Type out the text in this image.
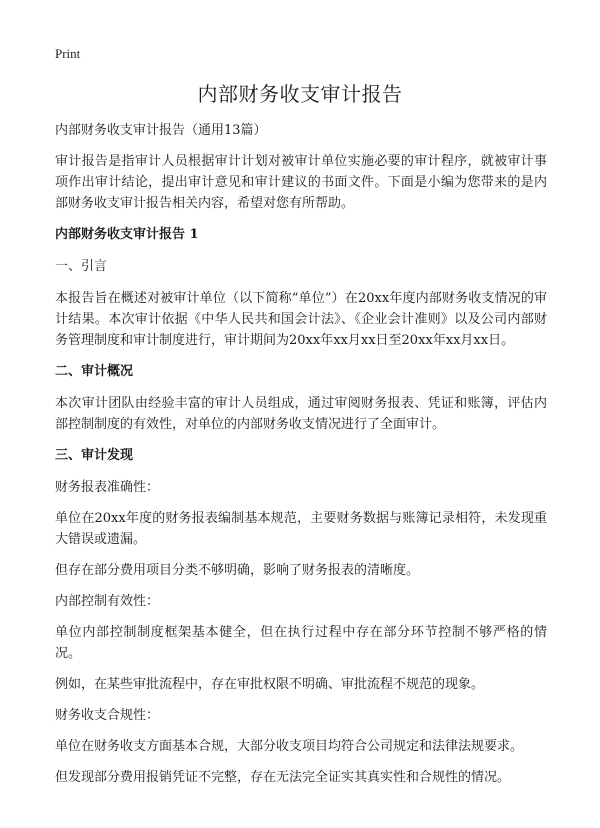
Print
内部财务收支审计报告

内部财务收支审计报告（通用13篇）

审计报告是指审计人员根据审计计划对被审计单位实施必要的审计程序，就被审计事项作出审计结论，提出审计意见和审计建议的书面文件。下面是小编为您带来的是内部财务收支审计报告相关内容，希望对您有所帮助。

内部财务收支审计报告 1

一、引言

本报告旨在概述对被审计单位（以下简称“单位”）在20xx年度内部财务收支情况的审计结果。本次审计依据《中华人民共和国会计法》、《企业会计准则》以及公司内部财务管理制度和审计制度进行，审计期间为20xx年xx月xx日至20xx年xx月xx日。

二、审计概况

本次审计团队由经验丰富的审计人员组成，通过审阅财务报表、凭证和账簿，评估内部控制制度的有效性，对单位的内部财务收支情况进行了全面审计。

三、审计发现

财务报表准确性：

单位在20xx年度的财务报表编制基本规范，主要财务数据与账簿记录相符，未发现重大错误或遗漏。

但存在部分费用项目分类不够明确，影响了财务报表的清晰度。

内部控制有效性：

单位内部控制制度框架基本健全，但在执行过程中存在部分环节控制不够严格的情况。

例如，在某些审批流程中，存在审批权限不明确、审批流程不规范的现象。

财务收支合规性：

单位在财务收支方面基本合规，大部分收支项目均符合公司规定和法律法规要求。

但发现部分费用报销凭证不完整，存在无法完全证实其真实性和合规性的情况。
